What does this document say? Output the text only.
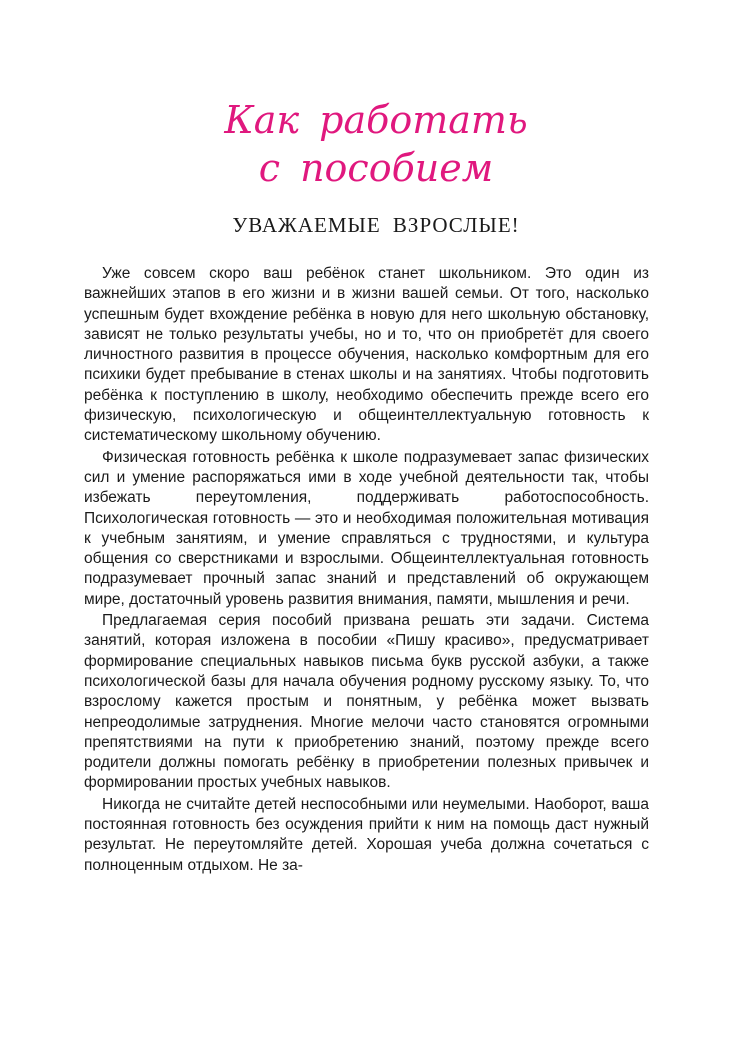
Как работать
с пособием
УВАЖАЕМЫЕ ВЗРОСЛЫЕ!

Уже совсем скоро ваш ребёнок станет школьником. Это один из важнейших этапов в его жизни и в жизни вашей семьи. От того, насколько успешным будет вхождение ребёнка в новую для него школьную обстановку, зависят не только результаты учебы, но и то, что он приобретёт для своего личностного развития в процессе обучения, насколько комфортным для его психики будет пребывание в стенах школы и на занятиях. Чтобы подготовить ребёнка к поступлению в школу, необходимо обеспечить прежде всего его физическую, психологическую и общеинтеллектуальную готовность к систематическому школьному обучению.

Физическая готовность ребёнка к школе подразумевает запас физических сил и умение распоряжаться ими в ходе учебной деятельности так, чтобы избежать переутомления, поддерживать работоспособность. Психологическая готовность — это и необходимая положительная мотивация к учебным занятиям, и умение справляться с трудностями, и культура общения со сверстниками и взрослыми. Общеинтеллектуальная готовность подразумевает прочный запас знаний и представлений об окружающем мире, достаточный уровень развития внимания, памяти, мышления и речи.

Предлагаемая серия пособий призвана решать эти задачи. Система занятий, которая изложена в пособии «Пишу красиво», предусматривает формирование специальных навыков письма букв русской азбуки, а также психологической базы для начала обучения родному русскому языку. То, что взрослому кажется простым и понятным, у ребёнка может вызвать непреодолимые затруднения. Многие мелочи часто становятся огромными препятствиями на пути к приобретению знаний, поэтому прежде всего родители должны помогать ребёнку в приобретении полезных привычек и формировании простых учебных навыков.

Никогда не считайте детей неспособными или неумелыми. Наоборот, ваша постоянная готовность без осуждения прийти к ним на помощь даст нужный результат. Не переутомляйте детей. Хорошая учеба должна сочетаться с полноценным отдыхом. Не за-
